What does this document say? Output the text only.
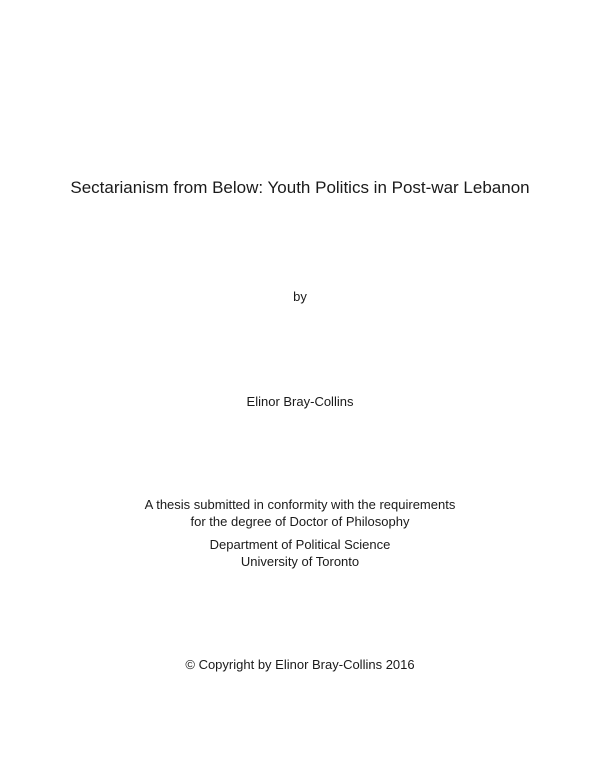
Sectarianism from Below: Youth Politics in Post-war Lebanon
by
Elinor Bray-Collins
A thesis submitted in conformity with the requirements
for the degree of Doctor of Philosophy
Department of Political Science
University of Toronto
© Copyright by Elinor Bray-Collins 2016
